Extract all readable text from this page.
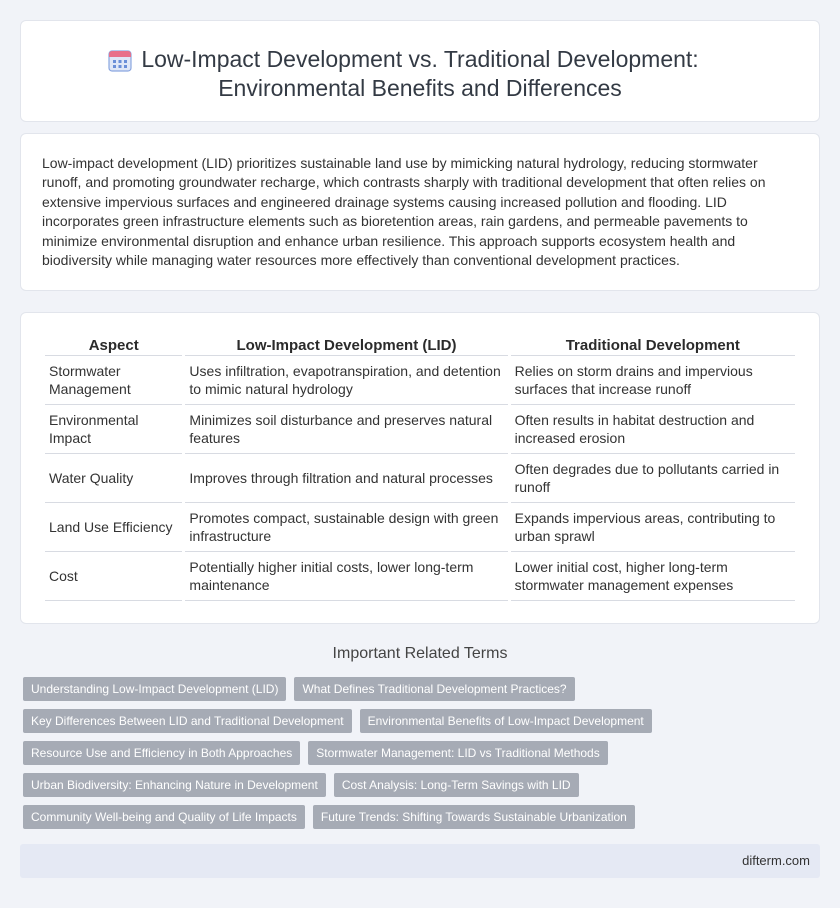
Low-Impact Development vs. Traditional Development:
Environmental Benefits and Differences

Low-impact development (LID) prioritizes sustainable land use by mimicking natural hydrology, reducing stormwater runoff, and promoting groundwater recharge, which contrasts sharply with traditional development that often relies on extensive impervious surfaces and engineered drainage systems causing increased pollution and flooding. LID incorporates green infrastructure elements such as bioretention areas, rain gardens, and permeable pavements to minimize environmental disruption and enhance urban resilience. This approach supports ecosystem health and biodiversity while managing water resources more effectively than conventional development practices.

Aspect	Low-Impact Development (LID)	Traditional Development
Stormwater Management	Uses infiltration, evapotranspiration, and detention to mimic natural hydrology	Relies on storm drains and impervious surfaces that increase runoff
Environmental Impact	Minimizes soil disturbance and preserves natural features	Often results in habitat destruction and increased erosion
Water Quality	Improves through filtration and natural processes	Often degrades due to pollutants carried in runoff
Land Use Efficiency	Promotes compact, sustainable design with green infrastructure	Expands impervious areas, contributing to urban sprawl
Cost	Potentially higher initial costs, lower long-term maintenance	Lower initial cost, higher long-term stormwater management expenses
Important Related Terms
Understanding Low-Impact Development (LID)	What Defines Traditional Development Practices?
Key Differences Between LID and Traditional Development	Environmental Benefits of Low-Impact Development
Resource Use and Efficiency in Both Approaches	Stormwater Management: LID vs Traditional Methods
Urban Biodiversity: Enhancing Nature in Development	Cost Analysis: Long-Term Savings with LID
Community Well-being and Quality of Life Impacts	Future Trends: Shifting Towards Sustainable Urbanization
difterm.com
